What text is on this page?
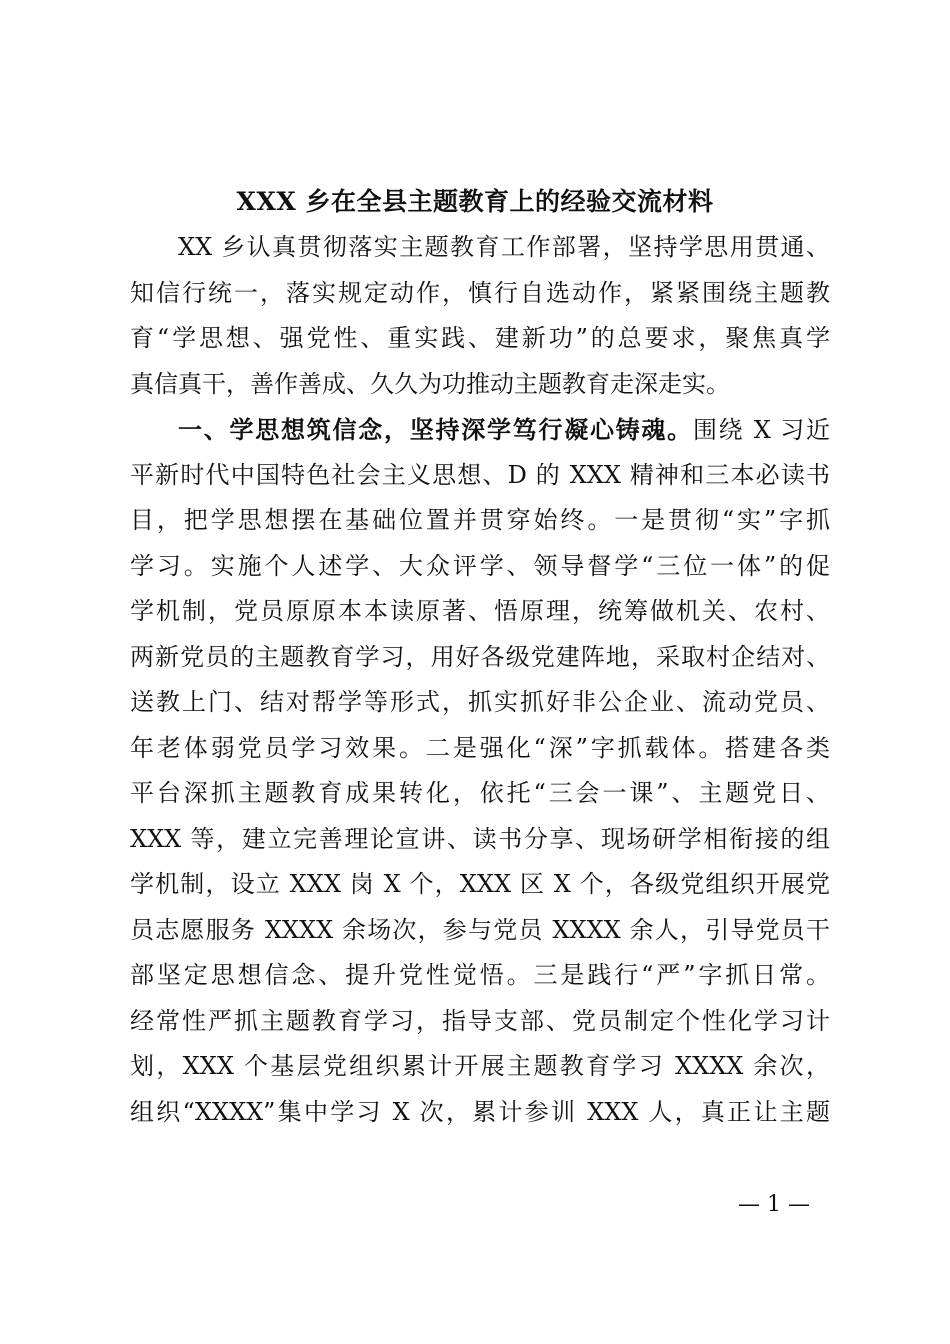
XXX 乡在全县主题教育上的经验交流材料
XX 乡认真贯彻落实主题教育工作部署，坚持学思用贯通、
知信行统一，落实规定动作，慎行自选动作，紧紧围绕主题教
育“学思想、强党性、重实践、建新功”的总要求，聚焦真学
真信真干，善作善成、久久为功推动主题教育走深走实。
一、学思想筑信念，坚持深学笃行凝心铸魂。围绕 X 习近
平新时代中国特色社会主义思想、D 的 XXX 精神和三本必读书
目，把学思想摆在基础位置并贯穿始终。一是贯彻“实”字抓
学习。实施个人述学、大众评学、领导督学“三位一体”的促
学机制，党员原原本本读原著、悟原理，统筹做机关、农村、
两新党员的主题教育学习，用好各级党建阵地，采取村企结对、
送教上门、结对帮学等形式，抓实抓好非公企业、流动党员、
年老体弱党员学习效果。二是强化“深”字抓载体。搭建各类
平台深抓主题教育成果转化，依托“三会一课”、主题党日、
XXX 等，建立完善理论宣讲、读书分享、现场研学相衔接的组
学机制，设立 XXX 岗 X 个，XXX 区 X 个，各级党组织开展党
员志愿服务 XXXX 余场次，参与党员 XXXX 余人，引导党员干
部坚定思想信念、提升党性觉悟。三是践行“严”字抓日常。
经常性严抓主题教育学习，指导支部、党员制定个性化学习计
划，XXX 个基层党组织累计开展主题教育学习 XXXX 余次，
组织“XXXX”集中学习 X 次，累计参训 XXX 人，真正让主题
— 1 —
